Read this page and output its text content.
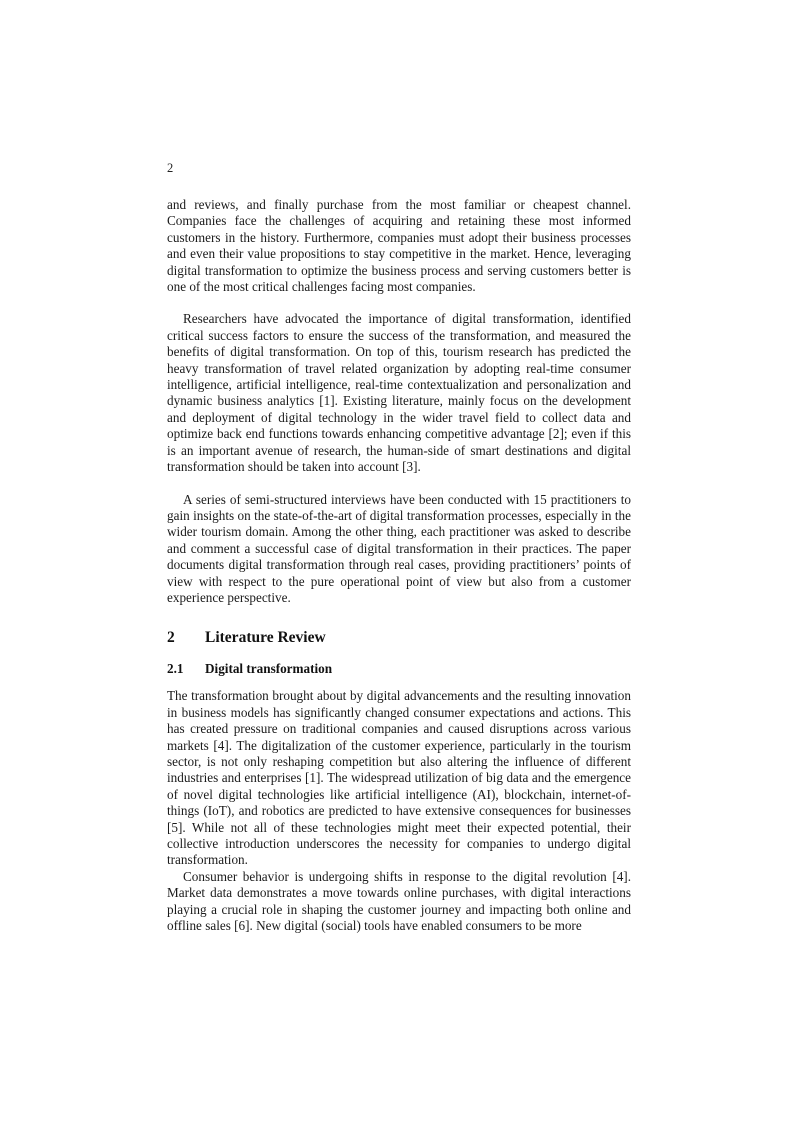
2

and reviews, and finally purchase from the most familiar or cheapest channel. Companies face the challenges of acquiring and retaining these most informed customers in the history. Furthermore, companies must adopt their business processes and even their value propositions to stay competitive in the market. Hence, leveraging digital transformation to optimize the business process and serving customers better is one of the most critical challenges facing most companies.

Researchers have advocated the importance of digital transformation, identified critical success factors to ensure the success of the transformation, and measured the benefits of digital transformation. On top of this, tourism research has predicted the heavy transformation of travel related organization by adopting real-time consumer intelligence, artificial intelligence, real-time contextualization and personalization and dynamic business analytics [1]. Existing literature, mainly focus on the development and deployment of digital technology in the wider travel field to collect data and optimize back end functions towards enhancing competitive advantage [2]; even if this is an important avenue of research, the human-side of smart destinations and digital transformation should be taken into account [3].

A series of semi-structured interviews have been conducted with 15 practitioners to gain insights on the state-of-the-art of digital transformation processes, especially in the wider tourism domain. Among the other thing, each practitioner was asked to describe and comment a successful case of digital transformation in their practices. The paper documents digital transformation through real cases, providing practitioners’ points of view with respect to the pure operational point of view but also from a customer experience perspective.

2 Literature Review
2.1 Digital transformation

The transformation brought about by digital advancements and the resulting innovation in business models has significantly changed consumer expectations and actions. This has created pressure on traditional companies and caused disruptions across various markets [4]. The digitalization of the customer experience, particularly in the tourism sector, is not only reshaping competition but also altering the influence of different industries and enterprises [1]. The widespread utilization of big data and the emergence of novel digital technologies like artificial intelligence (AI), blockchain, internet-of-things (IoT), and robotics are predicted to have extensive consequences for businesses [5]. While not all of these technologies might meet their expected potential, their collective introduction underscores the necessity for companies to undergo digital transformation.

Consumer behavior is undergoing shifts in response to the digital revolution [4]. Market data demonstrates a move towards online purchases, with digital interactions playing a crucial role in shaping the customer journey and impacting both online and offline sales [6]. New digital (social) tools have enabled consumers to be more
